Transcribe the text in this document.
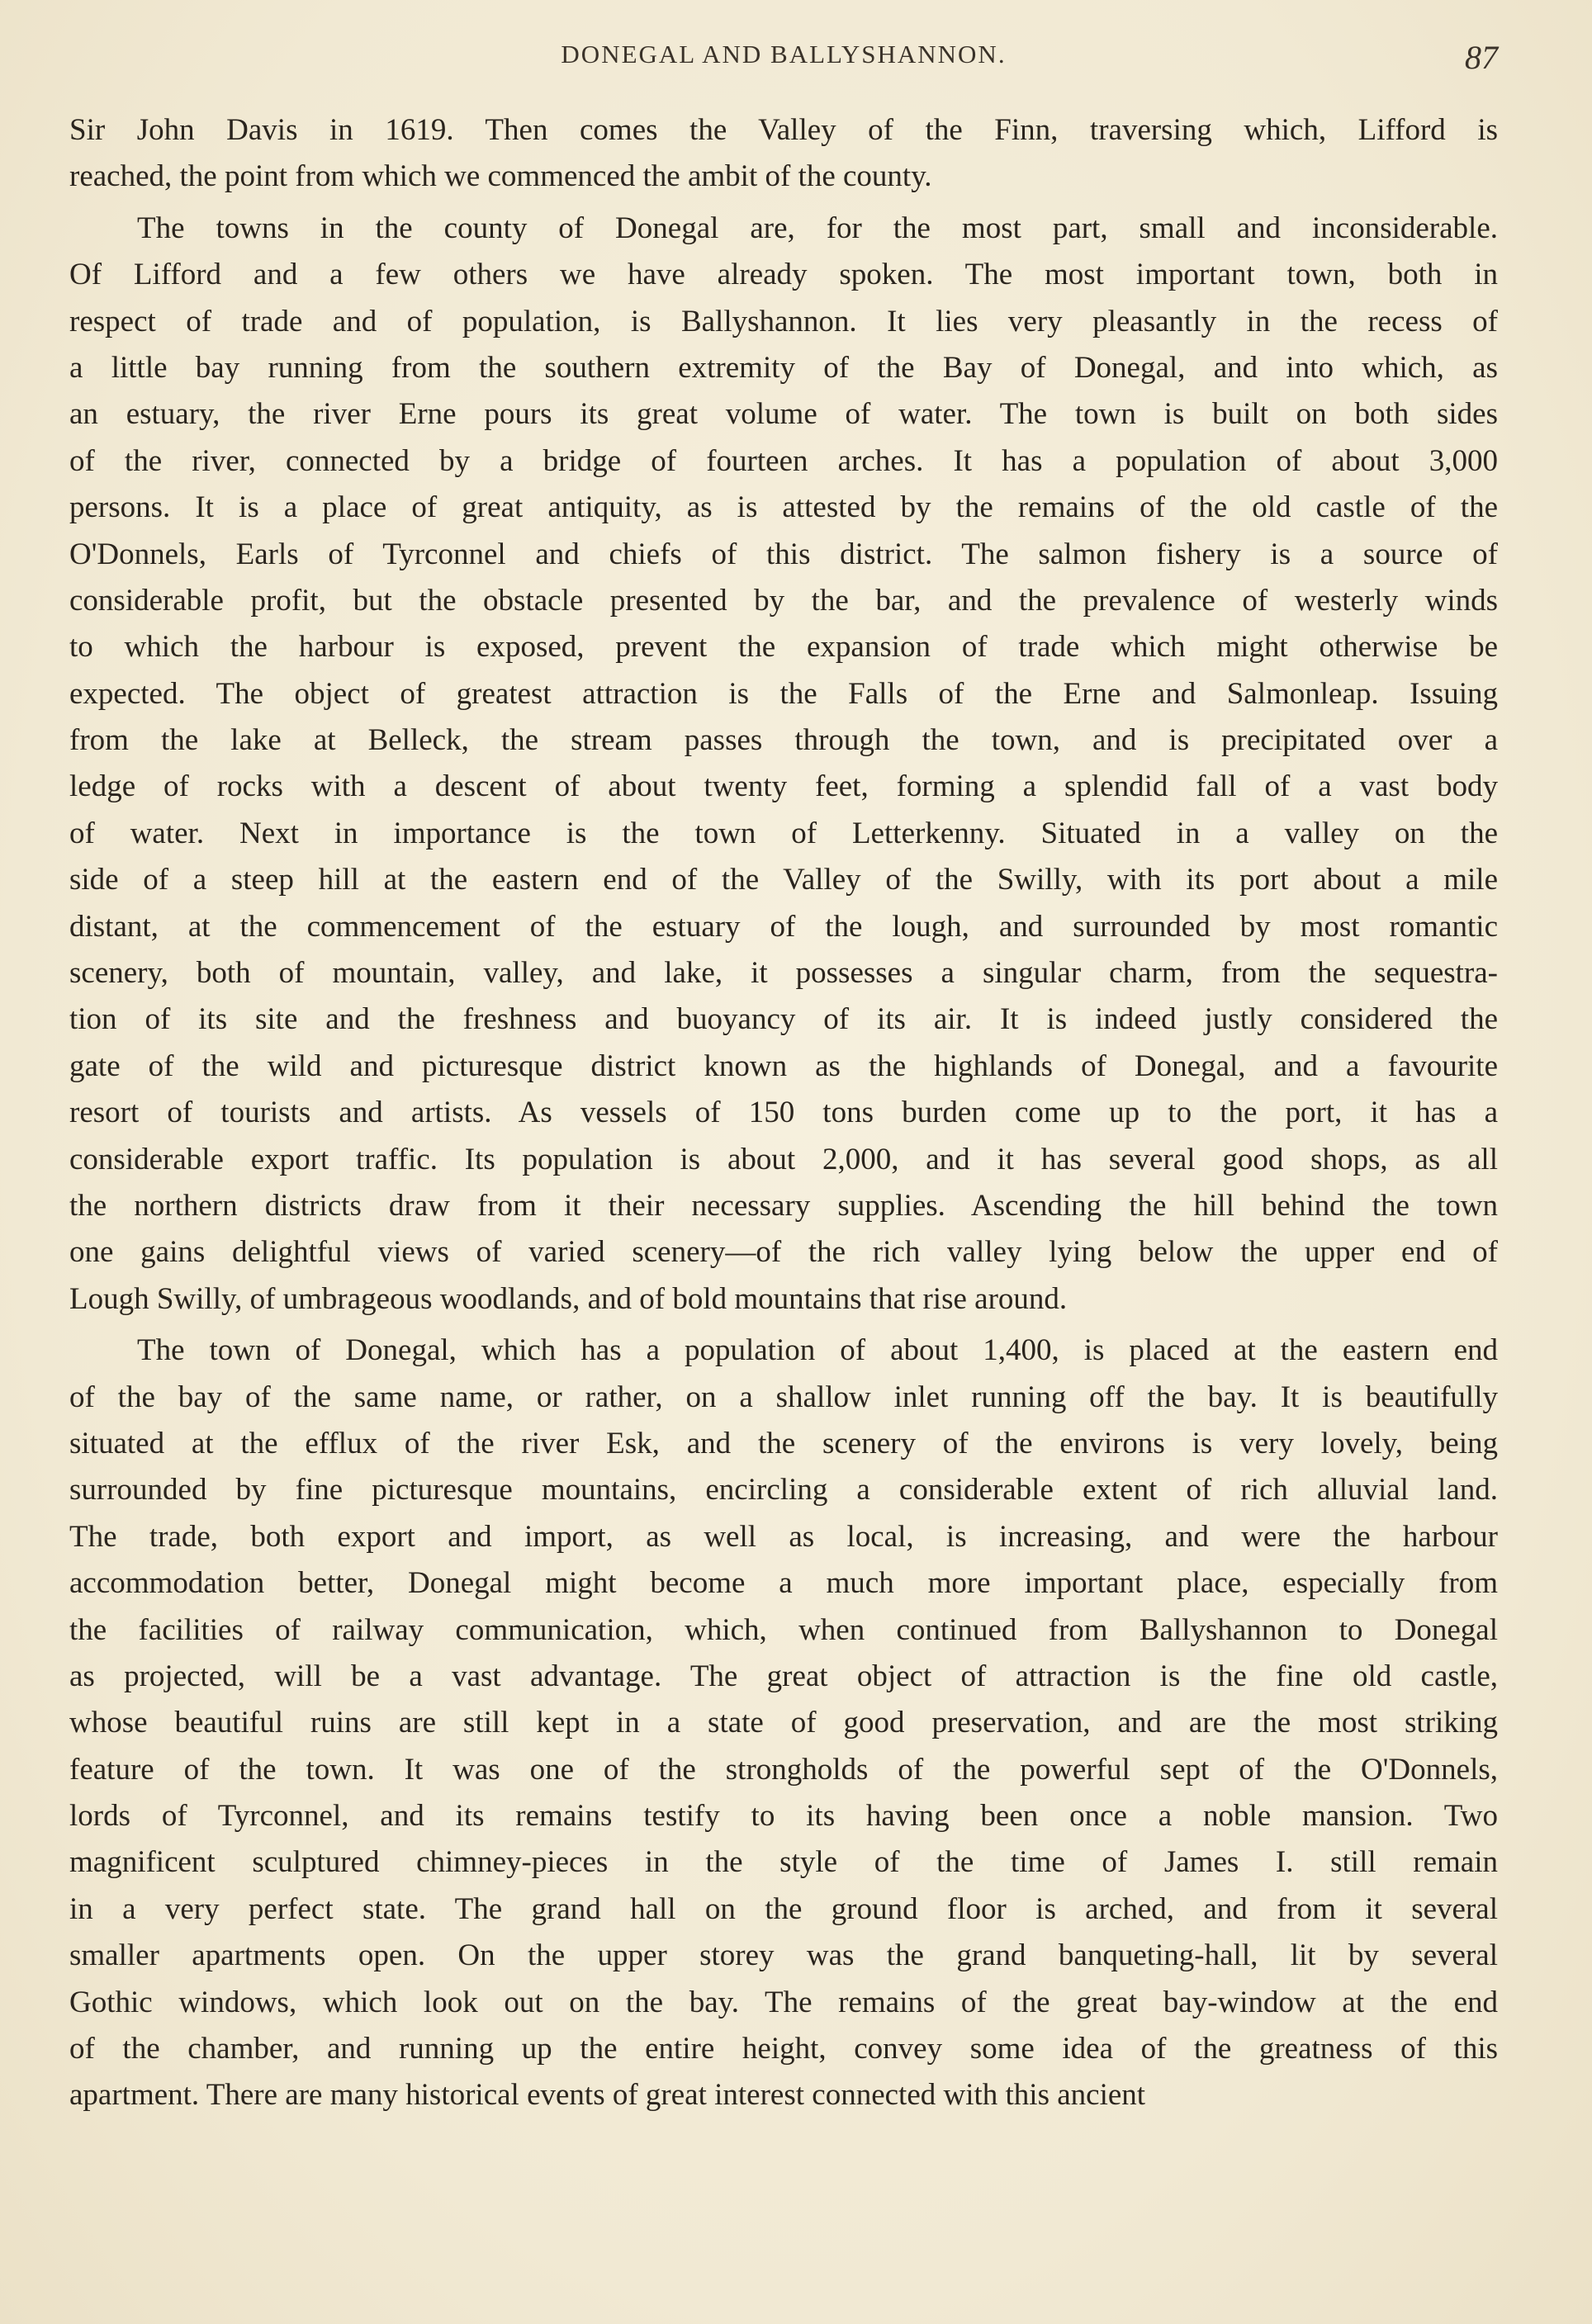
DONEGAL AND BALLYSHANNON.	87
Sir John Davis in 1619. Then comes the Valley of the Finn, traversing which, Lifford is
reached, the point from which we commenced the ambit of the county.
The towns in the county of Donegal are, for the most part, small and inconsiderable.
Of Lifford and a few others we have already spoken. The most important town, both in
respect of trade and of population, is Ballyshannon. It lies very pleasantly in the recess of
a little bay running from the southern extremity of the Bay of Donegal, and into which, as
an estuary, the river Erne pours its great volume of water. The town is built on both sides
of the river, connected by a bridge of fourteen arches. It has a population of about 3,000
persons. It is a place of great antiquity, as is attested by the remains of the old castle of the
O'Donnels, Earls of Tyrconnel and chiefs of this district. The salmon fishery is a source of
considerable profit, but the obstacle presented by the bar, and the prevalence of westerly winds
to which the harbour is exposed, prevent the expansion of trade which might otherwise be
expected. The object of greatest attraction is the Falls of the Erne and Salmonleap. Issuing
from the lake at Belleck, the stream passes through the town, and is precipitated over a
ledge of rocks with a descent of about twenty feet, forming a splendid fall of a vast body
of water. Next in importance is the town of Letterkenny. Situated in a valley on the
side of a steep hill at the eastern end of the Valley of the Swilly, with its port about a mile
distant, at the commencement of the estuary of the lough, and surrounded by most romantic
scenery, both of mountain, valley, and lake, it possesses a singular charm, from the sequestra-
tion of its site and the freshness and buoyancy of its air. It is indeed justly considered the
gate of the wild and picturesque district known as the highlands of Donegal, and a favourite
resort of tourists and artists. As vessels of 150 tons burden come up to the port, it has a
considerable export traffic. Its population is about 2,000, and it has several good shops, as all
the northern districts draw from it their necessary supplies. Ascending the hill behind the town
one gains delightful views of varied scenery—of the rich valley lying below the upper end of
Lough Swilly, of umbrageous woodlands, and of bold mountains that rise around.
The town of Donegal, which has a population of about 1,400, is placed at the eastern end
of the bay of the same name, or rather, on a shallow inlet running off the bay. It is beautifully
situated at the efflux of the river Esk, and the scenery of the environs is very lovely, being
surrounded by fine picturesque mountains, encircling a considerable extent of rich alluvial land.
The trade, both export and import, as well as local, is increasing, and were the harbour
accommodation better, Donegal might become a much more important place, especially from
the facilities of railway communication, which, when continued from Ballyshannon to Donegal
as projected, will be a vast advantage. The great object of attraction is the fine old castle,
whose beautiful ruins are still kept in a state of good preservation, and are the most striking
feature of the town. It was one of the strongholds of the powerful sept of the O'Donnels,
lords of Tyrconnel, and its remains testify to its having been once a noble mansion. Two
magnificent sculptured chimney-pieces in the style of the time of James I. still remain
in a very perfect state. The grand hall on the ground floor is arched, and from it several
smaller apartments open. On the upper storey was the grand banqueting-hall, lit by several
Gothic windows, which look out on the bay. The remains of the great bay-window at the end
of the chamber, and running up the entire height, convey some idea of the greatness of this
apartment. There are many historical events of great interest connected with this ancient
